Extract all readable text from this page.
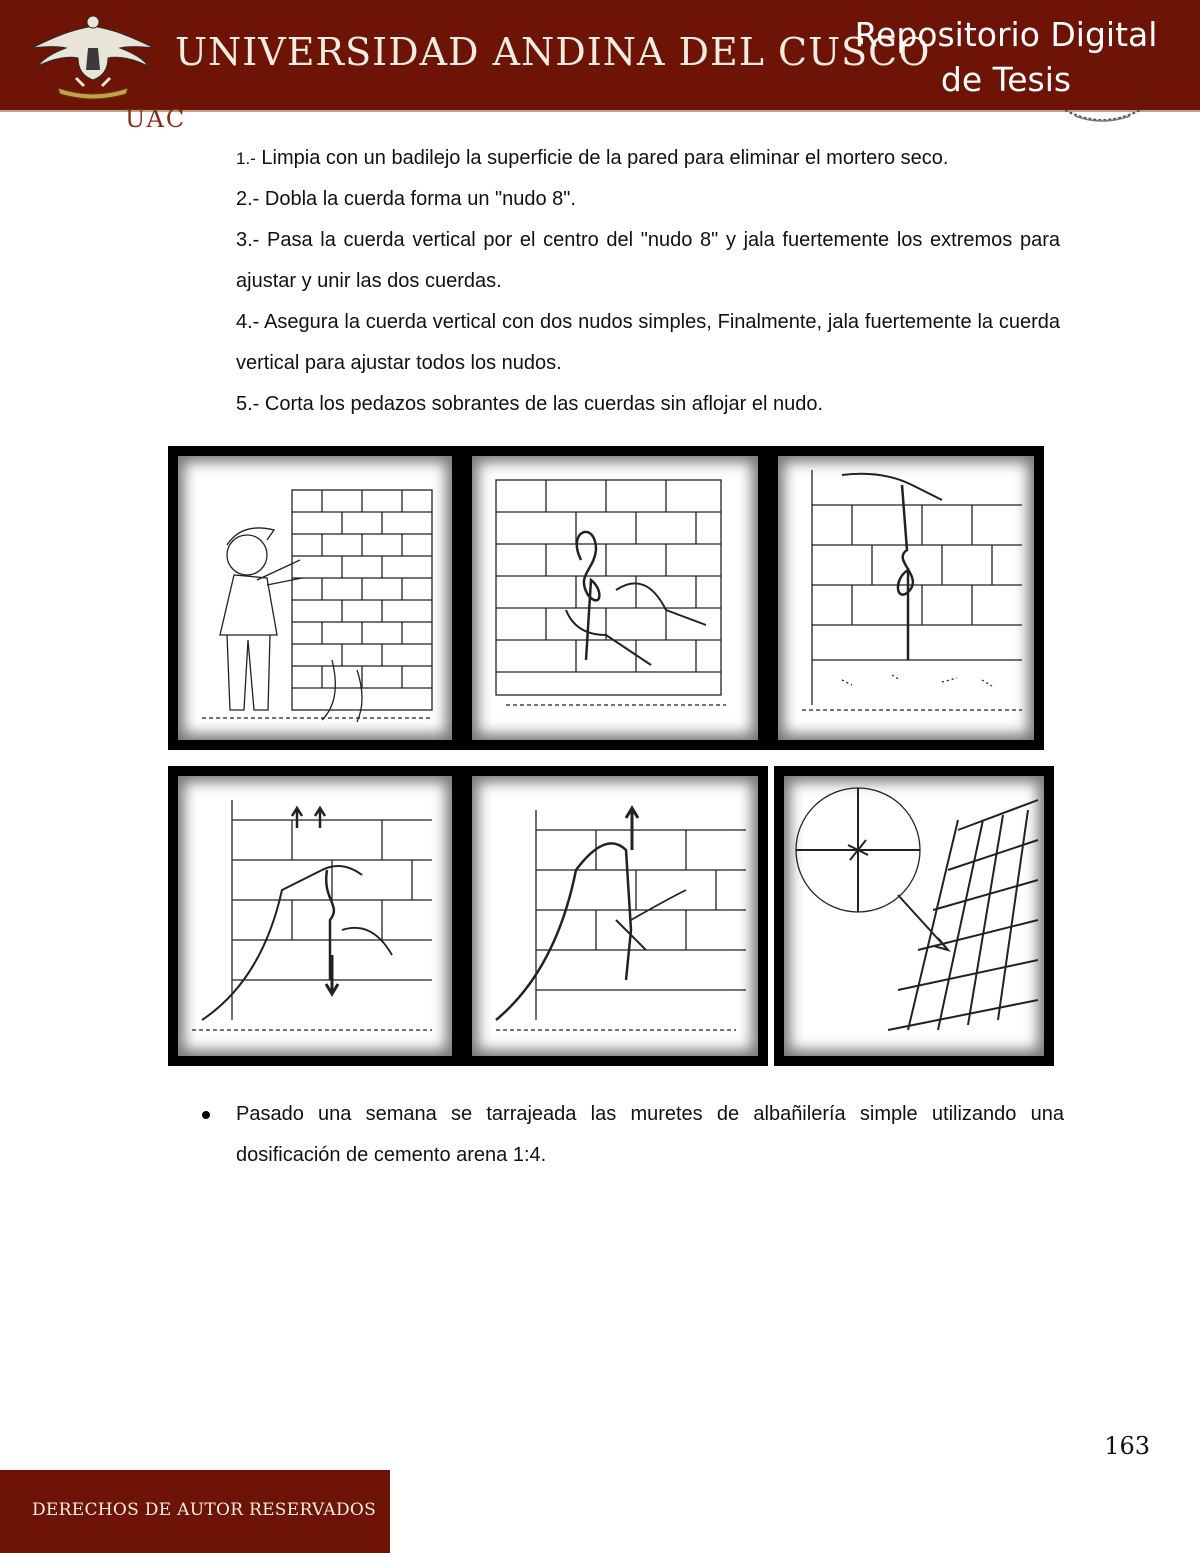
UNIVERSIDAD ANDINA DEL CUSCO
Repositorio Digital
de Tesis
UAC

1.- Limpia con un badilejo la superficie de la pared para eliminar el mortero seco.

2.- Dobla la cuerda forma un "nudo 8".

3.- Pasa la cuerda vertical por el centro del "nudo 8" y jala fuertemente los extremos para ajustar y unir las dos cuerdas.

4.- Asegura la cuerda vertical con dos nudos simples, Finalmente, jala fuertemente la cuerda vertical para ajustar todos los nudos.

5.- Corta los pedazos sobrantes de las cuerdas sin aflojar el nudo.

Pasado una semana se tarrajeada las muretes de albañilería simple utilizando una dosificación de cemento arena 1:4.
163
DERECHOS DE AUTOR RESERVADOS
